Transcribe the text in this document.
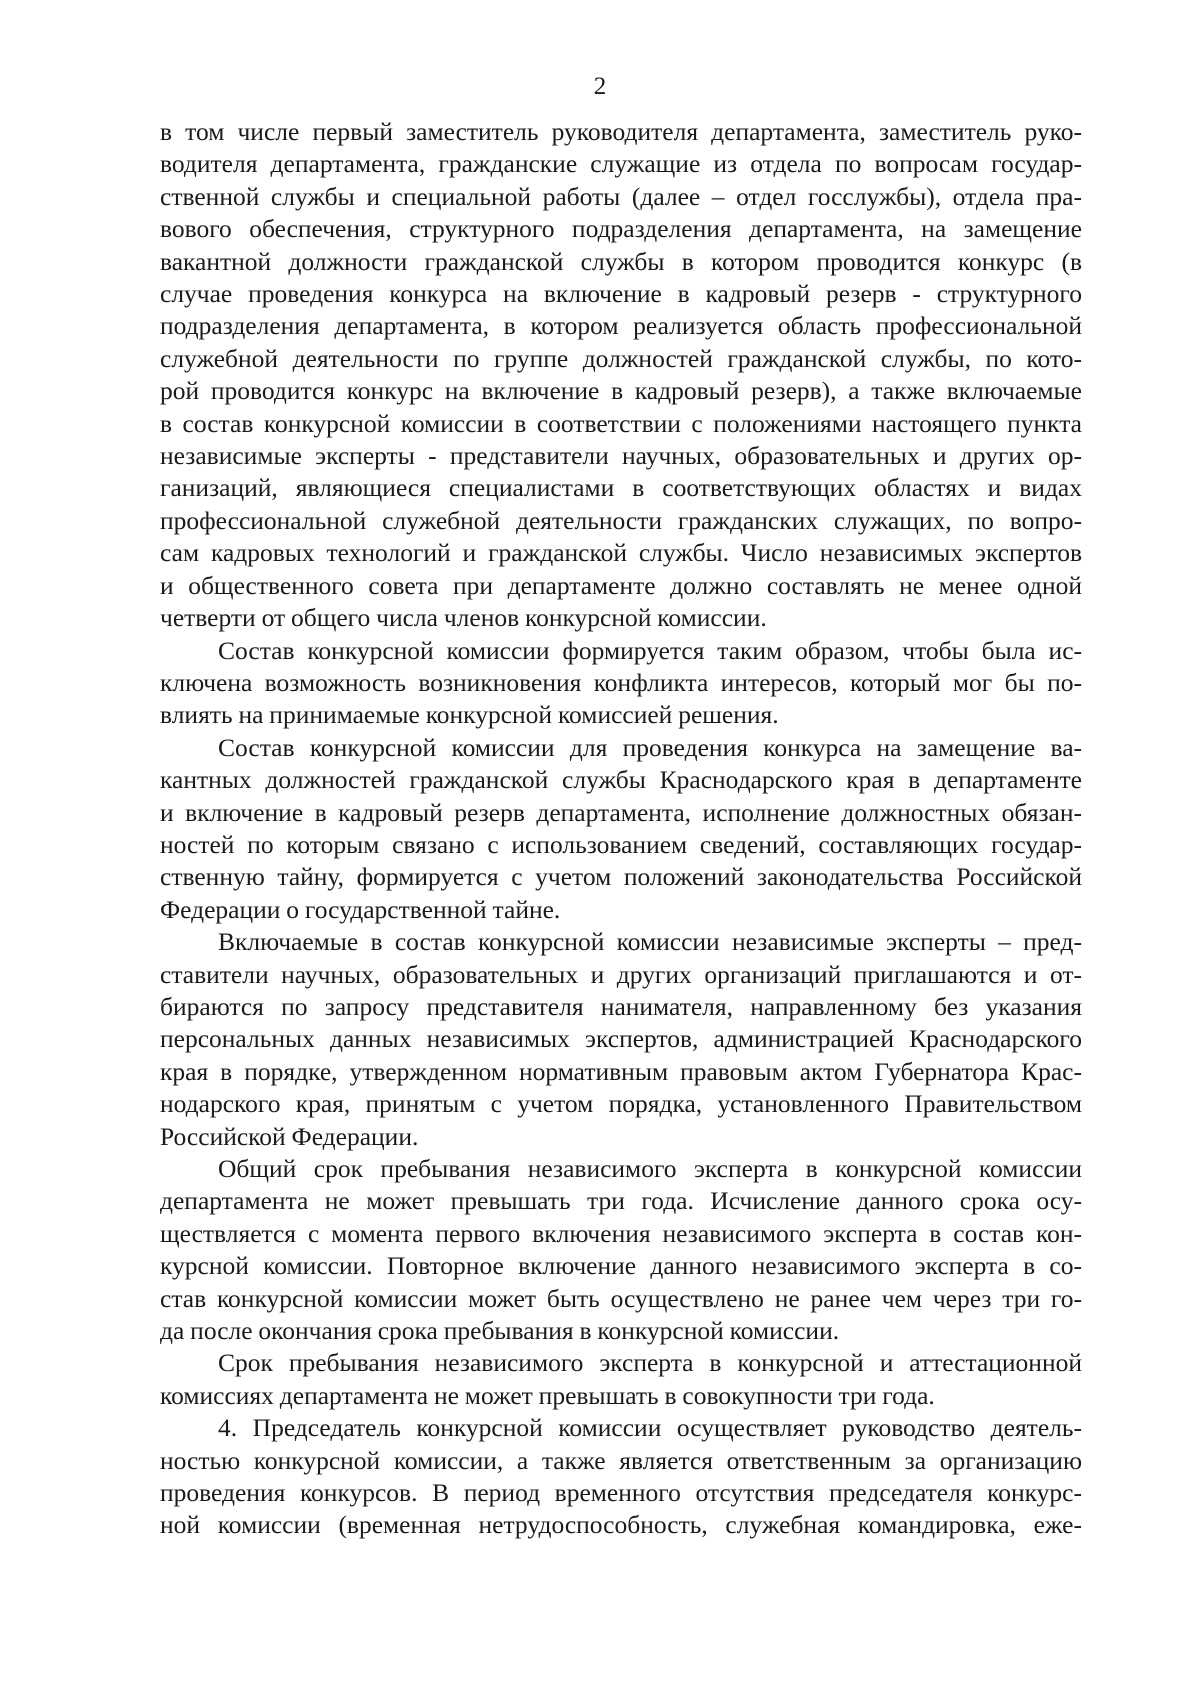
2

в том числе первый заместитель руководителя департамента, заместитель руко-
водителя департамента, гражданские служащие из отдела по вопросам государ-
ственной службы и специальной работы (далее – отдел госслужбы), отдела пра-
вового обеспечения, структурного подразделения департамента, на замещение
вакантной должности гражданской службы в котором проводится конкурс (в
случае проведения конкурса на включение в кадровый резерв - структурного
подразделения департамента, в котором реализуется область профессиональной
служебной деятельности по группе должностей гражданской службы, по кото-
рой проводится конкурс на включение в кадровый резерв), а также включаемые
в состав конкурсной комиссии в соответствии с положениями настоящего пункта
независимые эксперты - представители научных, образовательных и других ор-
ганизаций, являющиеся специалистами в соответствующих областях и видах
профессиональной служебной деятельности гражданских служащих, по вопро-
сам кадровых технологий и гражданской службы. Число независимых экспертов
и общественного совета при департаменте должно составлять не менее одной
четверти от общего числа членов конкурсной комиссии.

Состав конкурсной комиссии формируется таким образом, чтобы была ис-
ключена возможность возникновения конфликта интересов, который мог бы по-
влиять на принимаемые конкурсной комиссией решения.

Состав конкурсной комиссии для проведения конкурса на замещение ва-
кантных должностей гражданской службы Краснодарского края в департаменте
и включение в кадровый резерв департамента, исполнение должностных обязан-
ностей по которым связано с использованием сведений, составляющих государ-
ственную тайну, формируется с учетом положений законодательства Российской
Федерации о государственной тайне.

Включаемые в состав конкурсной комиссии независимые эксперты – пред-
ставители научных, образовательных и других организаций приглашаются и от-
бираются по запросу представителя нанимателя, направленному без указания
персональных данных независимых экспертов, администрацией Краснодарского
края в порядке, утвержденном нормативным правовым актом Губернатора Крас-
нодарского края, принятым с учетом порядка, установленного Правительством
Российской Федерации.

Общий срок пребывания независимого эксперта в конкурсной комиссии
департамента не может превышать три года. Исчисление данного срока осу-
ществляется с момента первого включения независимого эксперта в состав кон-
курсной комиссии. Повторное включение данного независимого эксперта в со-
став конкурсной комиссии может быть осуществлено не ранее чем через три го-
да после окончания срока пребывания в конкурсной комиссии.

Срок пребывания независимого эксперта в конкурсной и аттестационной
комиссиях департамента не может превышать в совокупности три года.

4. Председатель конкурсной комиссии осуществляет руководство деятель-
ностью конкурсной комиссии, а также является ответственным за организацию
проведения конкурсов. В период временного отсутствия председателя конкурс-
ной комиссии (временная нетрудоспособность, служебная командировка, еже-
